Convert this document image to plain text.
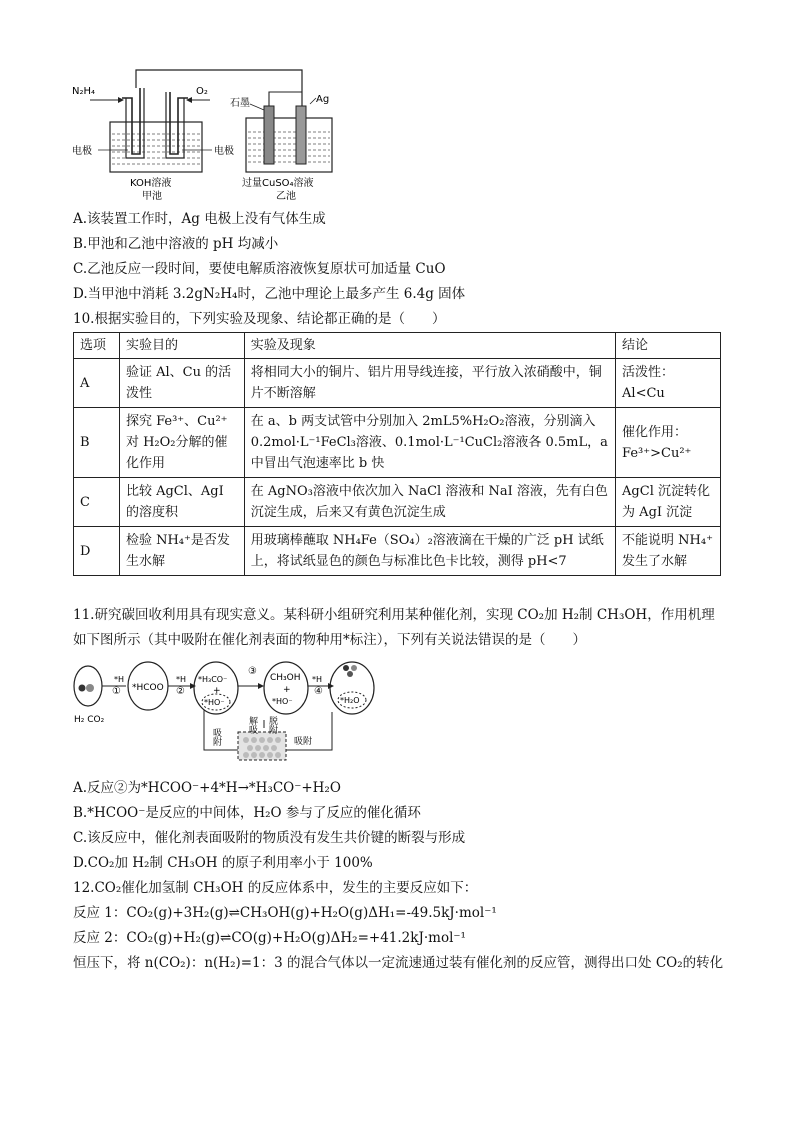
N₂H₄	O₂
石墨	Ag
电极	电极
KOH溶液
甲池
过量CuSO₄溶液
乙池
A.该装置工作时，Ag 电极上没有气体生成
B.甲池和乙池中溶液的 pH 均减小
C.乙池反应一段时间，要使电解质溶液恢复原状可加适量 CuO
D.当甲池中消耗 3.2gN₂H₄时，乙池中理论上最多产生 6.4g 固体
10.根据实验目的，下列实验及现象、结论都正确的是（　　）
选项	实验目的	实验及现象	结论
A	验证 Al、Cu 的活泼性	将相同大小的铜片、铝片用导线连接，平行放入浓硝酸中，铜片不断溶解	活泼性：Al<Cu
B	探究 Fe³⁺、Cu²⁺对 H₂O₂分解的催化作用	在 a、b 两支试管中分别加入 2mL5%H₂O₂溶液，分别滴入 0.2mol·L⁻¹FeCl₃溶液、0.1mol·L⁻¹CuCl₂溶液各 0.5mL，a 中冒出气泡速率比 b 快	催化作用：Fe³⁺>Cu²⁺
C	比较 AgCl、AgI 的溶度积	在 AgNO₃溶液中依次加入 NaCl 溶液和 NaI 溶液，先有白色沉淀生成，后来又有黄色沉淀生成	AgCl 沉淀转化为 AgI 沉淀
D	检验 NH₄⁺是否发生水解	用玻璃棒蘸取 NH₄Fe（SO₄）₂溶液滴在干燥的广泛 pH 试纸上，将试纸显色的颜色与标准比色卡比较，测得 pH<7	不能说明 NH₄⁺发生了水解
11.研究碳回收利用具有现实意义。某科研小组研究利用某种催化剂，实现 CO₂加 H₂制 CH₃OH，作用机理
如下图所示（其中吸附在催化剂表面的物种用*标注），下列有关说法错误的是（　　）
H₂ CO₂
①	②
③
④
*H	*H	*H
*HCOO
*H₃CO⁻
+
*HO⁻
CH₃OH
+
*HO⁻	*H₂O
解吸 脱附
吸附	吸附
A.反应②为*HCOO⁻+4*H→*H₃CO⁻+H₂O
B.*HCOO⁻是反应的中间体，H₂O 参与了反应的催化循环
C.该反应中，催化剂表面吸附的物质没有发生共价键的断裂与形成
D.CO₂加 H₂制 CH₃OH 的原子利用率小于 100%
12.CO₂催化加氢制 CH₃OH 的反应体系中，发生的主要反应如下：
反应 1：CO₂(g)+3H₂(g)⇌CH₃OH(g)+H₂O(g)ΔH₁=-49.5kJ·mol⁻¹
反应 2：CO₂(g)+H₂(g)⇌CO(g)+H₂O(g)ΔH₂=+41.2kJ·mol⁻¹
恒压下，将 n(CO₂)：n(H₂)=1：3 的混合气体以一定流速通过装有催化剂的反应管，测得出口处 CO₂的转化
